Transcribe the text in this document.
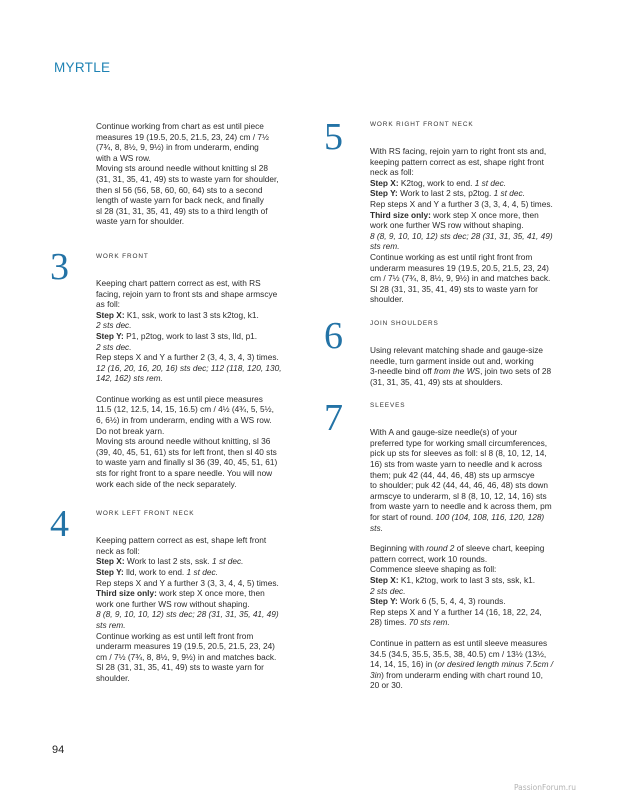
MYRTLE

Continue working from chart as est until piece
measures 19 (19.5, 20.5, 21.5, 23, 24) cm / 7½
(7¾, 8, 8½, 9, 9½) in from underarm, ending
with a WS row.
Moving sts around needle without knitting sl 28
(31, 31, 35, 41, 49) sts to waste yarn for shoulder,
then sl 56 (56, 58, 60, 60, 64) sts to a second
length of waste yarn for back neck, and finally
sl 28 (31, 31, 35, 41, 49) sts to a third length of
waste yarn for shoulder.

3	WORK FRONT

Keeping chart pattern correct as est, with RS
facing, rejoin yarn to front sts and shape armscye
as foll:
Step X: K1, ssk, work to last 3 sts k2tog, k1.
2 sts dec.
Step Y: P1, p2tog, work to last 3 sts, lld, p1.
2 sts dec.
Rep steps X and Y a further 2 (3, 4, 3, 4, 3) times.
12 (16, 20, 16, 20, 16) sts dec; 112 (118, 120, 130,
142, 162) sts rem.

Continue working as est until piece measures
11.5 (12, 12.5, 14, 15, 16.5) cm / 4½ (4¾, 5, 5½,
6, 6½) in from underarm, ending with a WS row.
Do not break yarn.
Moving sts around needle without knitting, sl 36
(39, 40, 45, 51, 61) sts for left front, then sl 40 sts
to waste yarn and finally sl 36 (39, 40, 45, 51, 61)
sts for right front to a spare needle. You will now
work each side of the neck separately.

4	WORK LEFT FRONT NECK

Keeping pattern correct as est, shape left front
neck as foll:
Step X: Work to last 2 sts, ssk. 1 st dec.
Step Y: lld, work to end. 1 st dec.
Rep steps X and Y a further 3 (3, 3, 4, 4, 5) times.
Third size only: work step X once more, then
work one further WS row without shaping.
8 (8, 9, 10, 10, 12) sts dec; 28 (31, 31, 35, 41, 49)
sts rem.
Continue working as est until left front from
underarm measures 19 (19.5, 20.5, 21.5, 23, 24)
cm / 7½ (7¾, 8, 8½, 9, 9½) in and matches back.
Sl 28 (31, 31, 35, 41, 49) sts to waste yarn for
shoulder.

5	WORK RIGHT FRONT NECK

With RS facing, rejoin yarn to right front sts and,
keeping pattern correct as est, shape right front
neck as foll:
Step X: K2tog, work to end. 1 st dec.
Step Y: Work to last 2 sts, p2tog. 1 st dec.
Rep steps X and Y a further 3 (3, 3, 4, 4, 5) times.
Third size only: work step X once more, then
work one further WS row without shaping.
8 (8, 9, 10, 10, 12) sts dec; 28 (31, 31, 35, 41, 49)
sts rem.
Continue working as est until right front from
underarm measures 19 (19.5, 20.5, 21.5, 23, 24)
cm / 7½ (7¾, 8, 8½, 9, 9½) in and matches back.
Sl 28 (31, 31, 35, 41, 49) sts to waste yarn for
shoulder.

6	JOIN SHOULDERS

Using relevant matching shade and gauge-size
needle, turn garment inside out and, working
3-needle bind off from the WS, join two sets of 28
(31, 31, 35, 41, 49) sts at shoulders.

7	SLEEVES

With A and gauge-size needle(s) of your
preferred type for working small circumferences,
pick up sts for sleeves as foll: sl 8 (8, 10, 12, 14,
16) sts from waste yarn to needle and k across
them; puk 42 (44, 44, 46, 48) sts up armscye
to shoulder; puk 42 (44, 44, 46, 46, 48) sts down
armscye to underarm, sl 8 (8, 10, 12, 14, 16) sts
from waste yarn to needle and k across them, pm
for start of round. 100 (104, 108, 116, 120, 128)
sts.

Beginning with round 2 of sleeve chart, keeping
pattern correct, work 10 rounds.
Commence sleeve shaping as foll:
Step X: K1, k2tog, work to last 3 sts, ssk, k1.
2 sts dec.
Step Y: Work 6 (5, 5, 4, 4, 3) rounds.
Rep steps X and Y a further 14 (16, 18, 22, 24,
28) times. 70 sts rem.

Continue in pattern as est until sleeve measures
34.5 (34.5, 35.5, 35.5, 38, 40.5) cm / 13½ (13½,
14, 14, 15, 16) in (or desired length minus 7.5cm /
3in) from underarm ending with chart round 10,
20 or 30.

94
PassionForum.ru
